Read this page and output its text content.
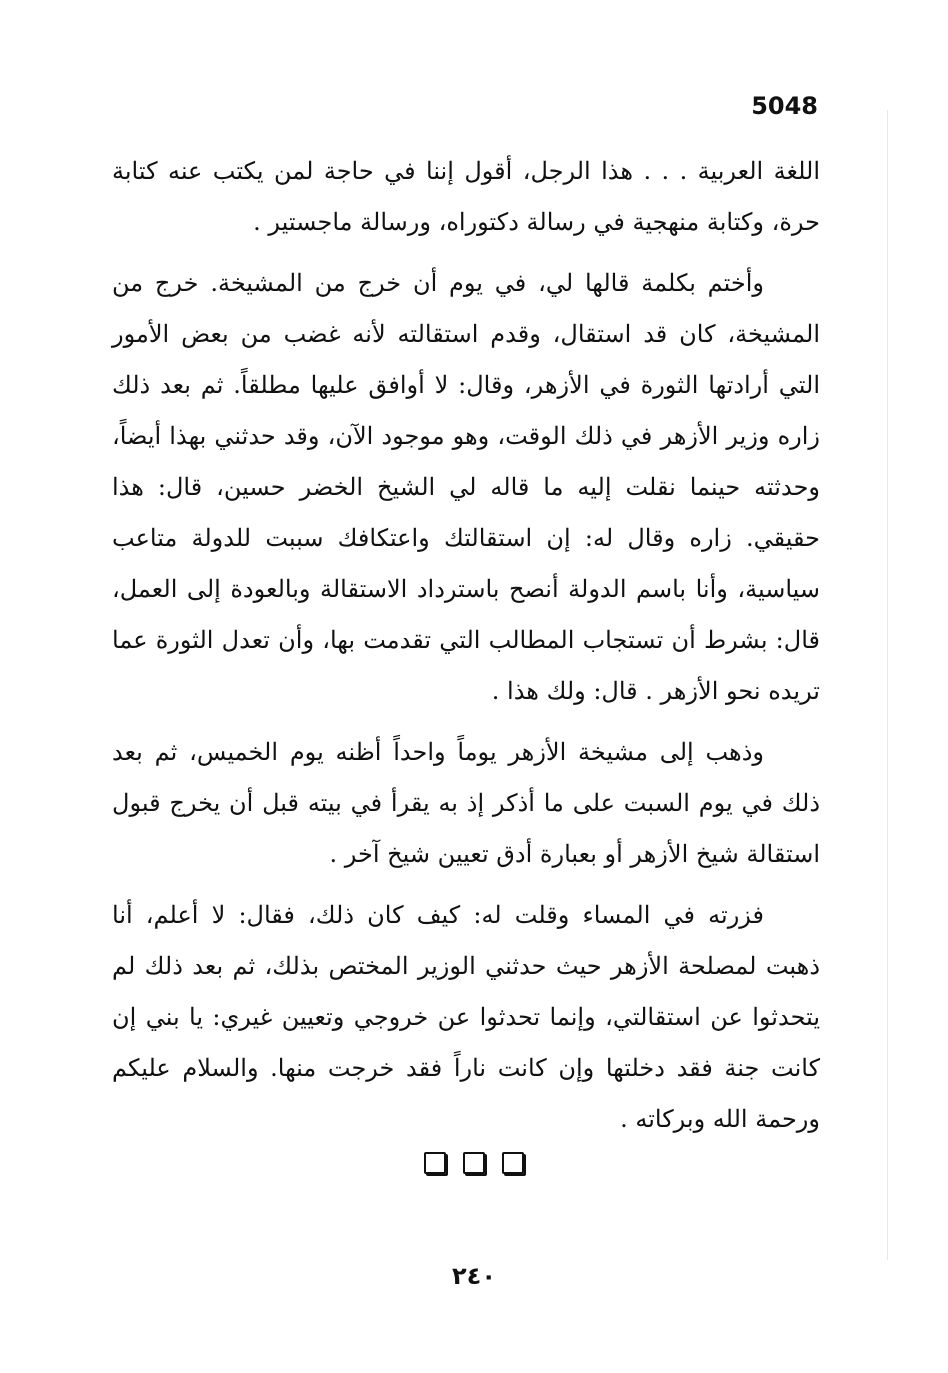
5048

اللغة العربية . . . هذا الرجل، أقول إننا في حاجة لمن يكتب عنه كتابة حرة، وكتابة منهجية في رسالة دكتوراه، ورسالة ماجستير .

وأختم بكلمة قالها لي، في يوم أن خرج من المشيخة. خرج من المشيخة، كان قد استقال، وقدم استقالته لأنه غضب من بعض الأمور التي أرادتها الثورة في الأزهر، وقال: لا أوافق عليها مطلقاً. ثم بعد ذلك زاره وزير الأزهر في ذلك الوقت، وهو موجود الآن، وقد حدثني بهذا أيضاً، وحدثته حينما نقلت إليه ما قاله لي الشيخ الخضر حسين، قال: هذا حقيقي. زاره وقال له: إن استقالتك واعتكافك سببت للدولة متاعب سياسية، وأنا باسم الدولة أنصح باسترداد الاستقالة وبالعودة إلى العمل، قال: بشرط أن تستجاب المطالب التي تقدمت بها، وأن تعدل الثورة عما تريده نحو الأزهر . قال: ولك هذا .

وذهب إلى مشيخة الأزهر يوماً واحداً أظنه يوم الخميس، ثم بعد ذلك في يوم السبت على ما أذكر إذ به يقرأ في بيته قبل أن يخرج قبول استقالة شيخ الأزهر أو بعبارة أدق تعيين شيخ آخر .

فزرته في المساء وقلت له: كيف كان ذلك، فقال: لا أعلم، أنا ذهبت لمصلحة الأزهر حيث حدثني الوزير المختص بذلك، ثم بعد ذلك لم يتحدثوا عن استقالتي، وإنما تحدثوا عن خروجي وتعيين غيري: يا بني إن كانت جنة فقد دخلتها وإن كانت ناراً فقد خرجت منها. والسلام عليكم ورحمة الله وبركاته .

٢٤٠
